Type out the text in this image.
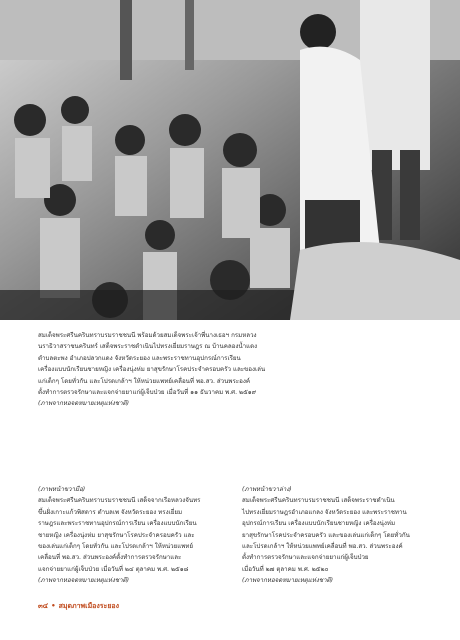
สมเด็จพระศรีนครินทราบรมราชชนนี พร้อมด้วยสมเด็จพระเจ้าพี่นางเธอฯ กรมหลวง

นราธิวาสราชนครินทร์ เสด็จพระราชดำเนินไปทรงเยี่ยมราษฎร ณ บ้านคลองน้ำแดง

ตำบลตะพง อำเภอปลวกแดง จังหวัดระยอง และพระราชทานอุปกรณ์การเรียน

เครื่องแบบนักเรียนชายหญิง เครื่องนุ่งห่ม ยาสุขรักษาโรคประจำครอบครัว และของเล่น

แก่เด็กๆ โดยทั่วกัน และโปรดเกล้าฯ ให้หน่วยแพทย์เคลื่อนที่ พอ.สว. ส่วนพระองค์

ตั้งทำการตรวจรักษาและแจกจ่ายยาแก่ผู้เจ็บป่วย เมื่อวันที่ ๑๑ ธันวาคม พ.ศ. ๒๕๑๙

(ภาพจากหอจดหมายเหตุแห่งชาติ)

(ภาพหน้าขวามือ)

สมเด็จพระศรีนครินทราบรมราชชนนี เสด็จจากเรือหลวงจันทร

ขึ้นฝั่งเกาะแก้วพิสดาร ตำบลเพ จังหวัดระยอง ทรงเยี่ยม

ราษฎรและพระราชทานอุปกรณ์การเรียน เครื่องแบบนักเรียน

ชายหญิง เครื่องนุ่งห่ม ยาสุขรักษาโรคประจำครอบครัว และ

ของเล่นแก่เด็กๆ โดยทั่วกัน และโปรดเกล้าฯ ให้หน่วยแพทย์

เคลื่อนที่ พอ.สว. ส่วนพระองค์ตั้งทำการตรวจรักษาและ

แจกจ่ายยาแก่ผู้เจ็บป่วย เมื่อวันที่ ๒๔ ตุลาคม พ.ศ. ๒๕๑๘

(ภาพจากหอจดหมายเหตุแห่งชาติ)

(ภาพหน้าขวาล่าง)

สมเด็จพระศรีนครินทราบรมราชชนนี เสด็จพระราชดำเนิน

ไปทรงเยี่ยมราษฎรอำเภอแกลง จังหวัดระยอง และพระราชทาน

อุปกรณ์การเรียน เครื่องแบบนักเรียนชายหญิง เครื่องนุ่งห่ม

ยาสุขรักษาโรคประจำครอบครัว และของเล่นแก่เด็กๆ โดยทั่วกัน

และโปรดเกล้าฯ ให้หน่วยแพทย์เคลื่อนที่ พอ.สว. ส่วนพระองค์

ตั้งทำการตรวจรักษาและแจกจ่ายยาแก่ผู้เจ็บป่วย

เมื่อวันที่ ๒๗ ตุลาคม พ.ศ. ๒๕๒๐

(ภาพจากหอจดหมายเหตุแห่งชาติ)

๓๔ • สมุดภาพเมืองระยอง
